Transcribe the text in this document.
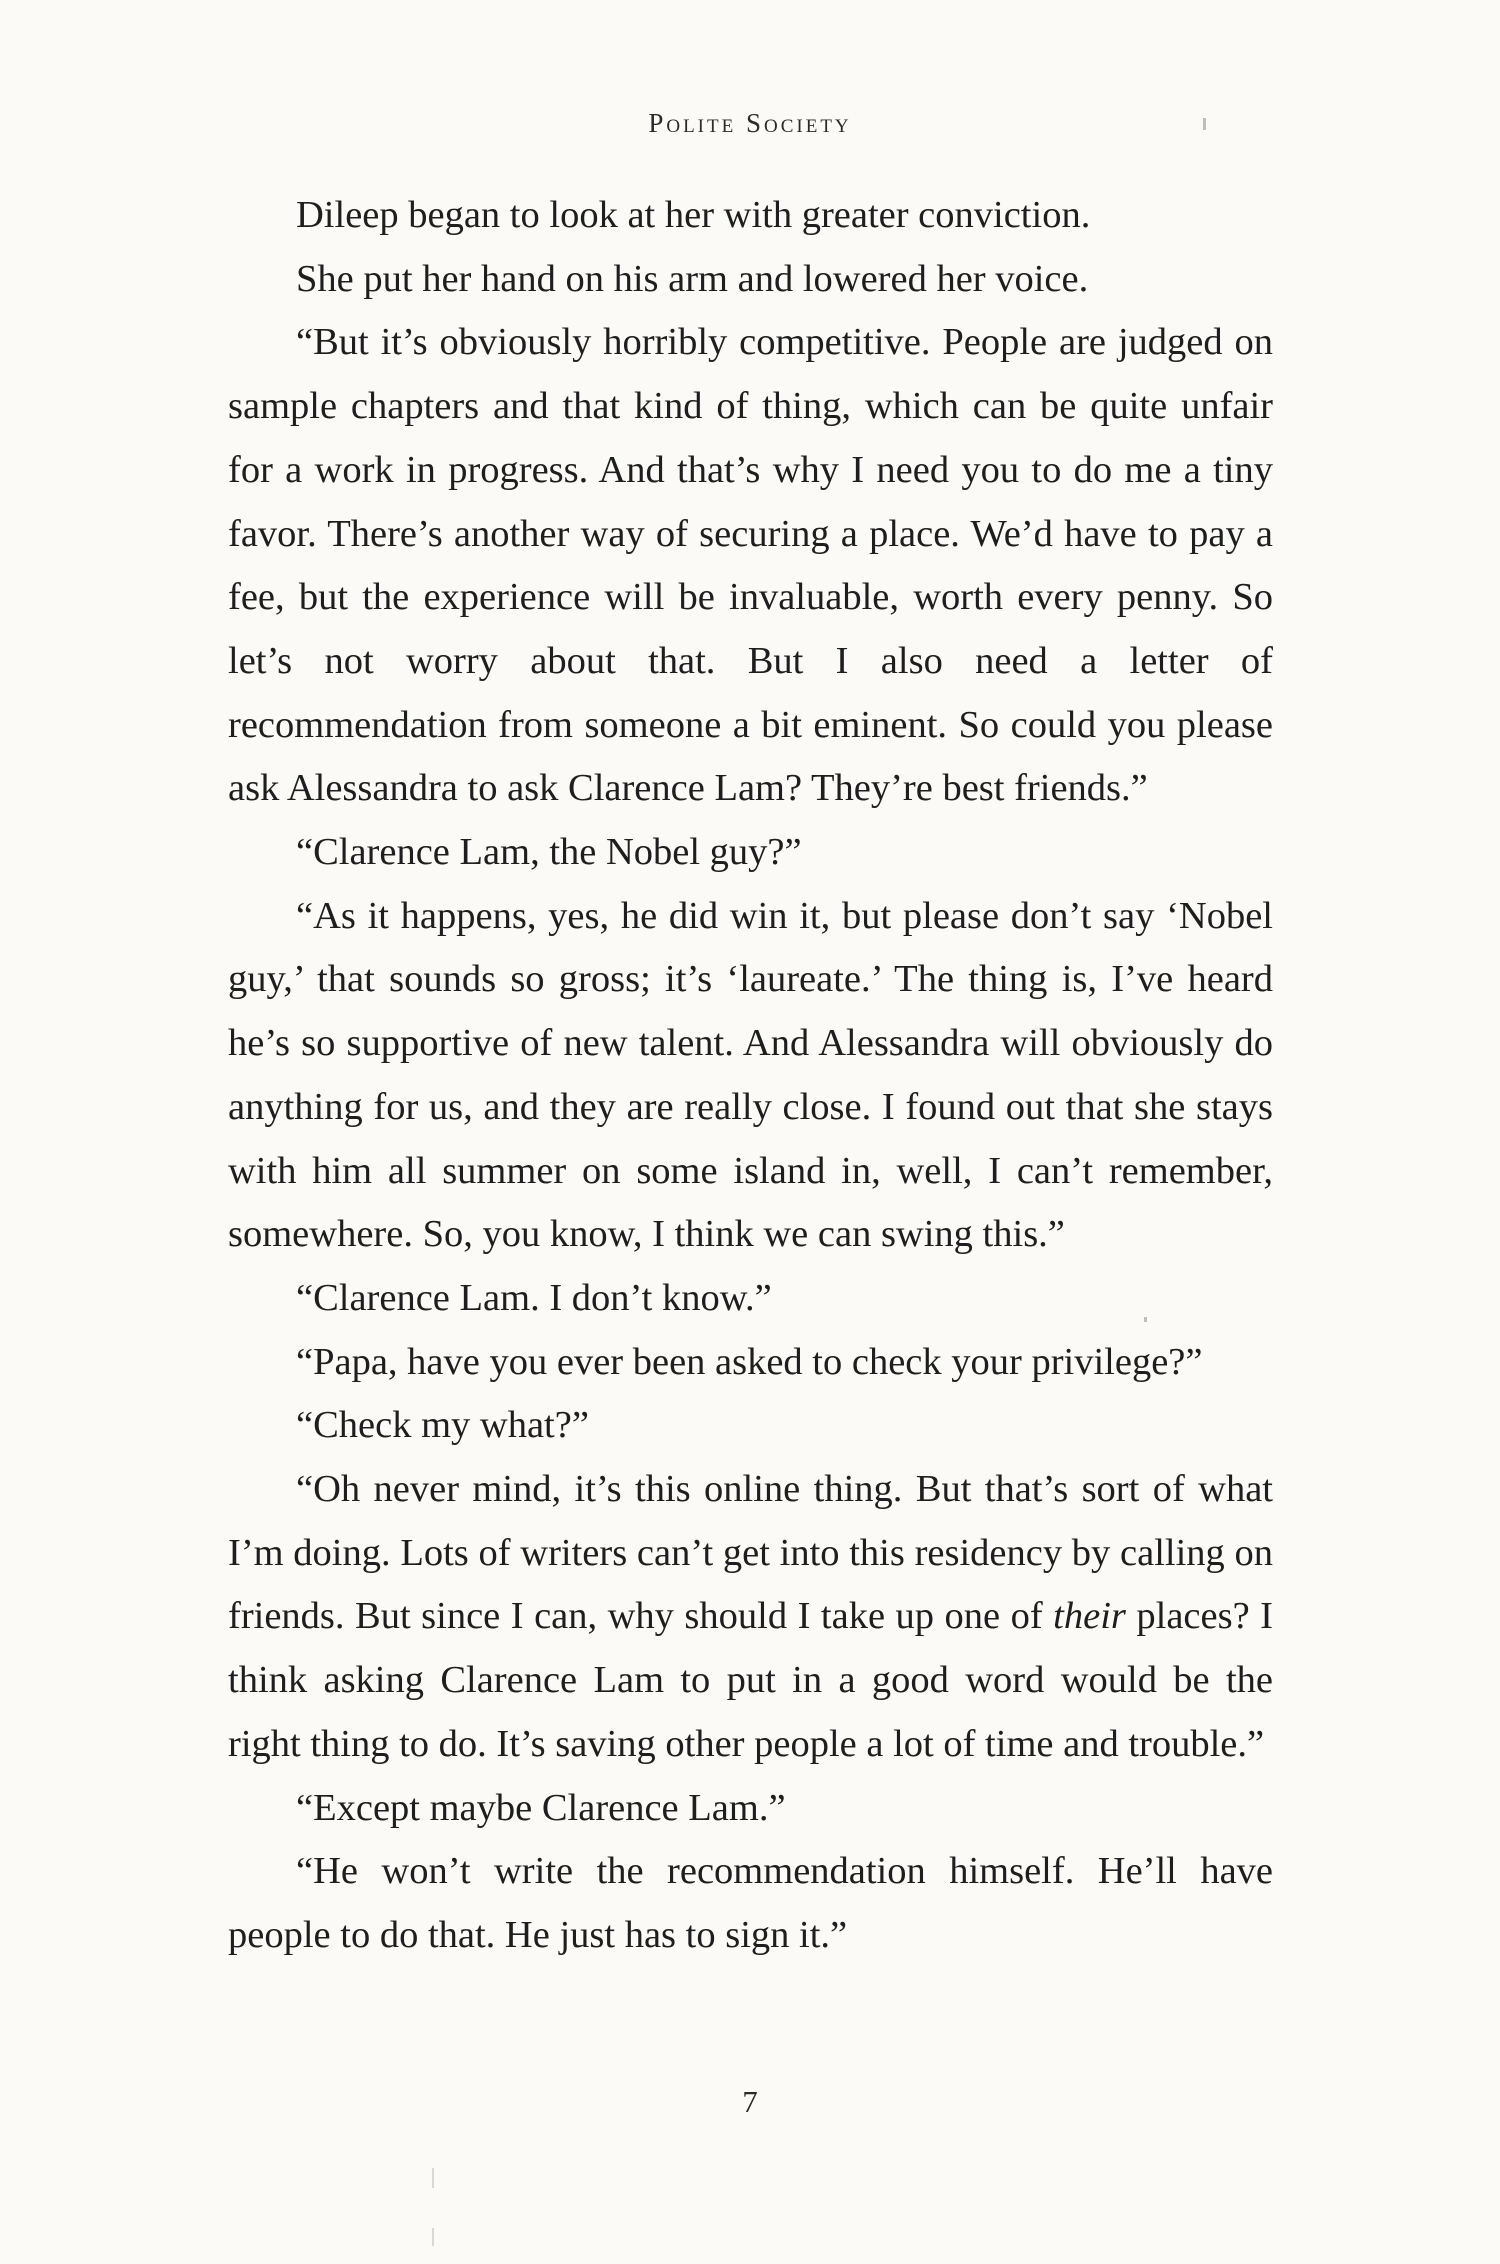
Polite Society

Dileep began to look at her with greater conviction.

She put her hand on his arm and lowered her voice.

“But it’s obviously horribly competitive. People are judged on sample chapters and that kind of thing, which can be quite unfair for a work in progress. And that’s why I need you to do me a tiny favor. There’s another way of securing a place. We’d have to pay a fee, but the experience will be invaluable, worth every penny. So let’s not worry about that. But I also need a letter of recommendation from someone a bit eminent. So could you please ask Alessandra to ask Clarence Lam? They’re best friends.”

“Clarence Lam, the Nobel guy?”

“As it happens, yes, he did win it, but please don’t say ‘Nobel guy,’ that sounds so gross; it’s ‘laureate.’ The thing is, I’ve heard he’s so supportive of new talent. And Alessandra will obviously do anything for us, and they are really close. I found out that she stays with him all summer on some island in, well, I can’t remember, somewhere. So, you know, I think we can swing this.”

“Clarence Lam. I don’t know.”

“Papa, have you ever been asked to check your privilege?”

“Check my what?”

“Oh never mind, it’s this online thing. But that’s sort of what I’m doing. Lots of writers can’t get into this residency by calling on friends. But since I can, why should I take up one of their places? I think asking Clarence Lam to put in a good word would be the right thing to do. It’s saving other people a lot of time and trouble.”

“Except maybe Clarence Lam.”

“He won’t write the recommendation himself. He’ll have people to do that. He just has to sign it.”

7
